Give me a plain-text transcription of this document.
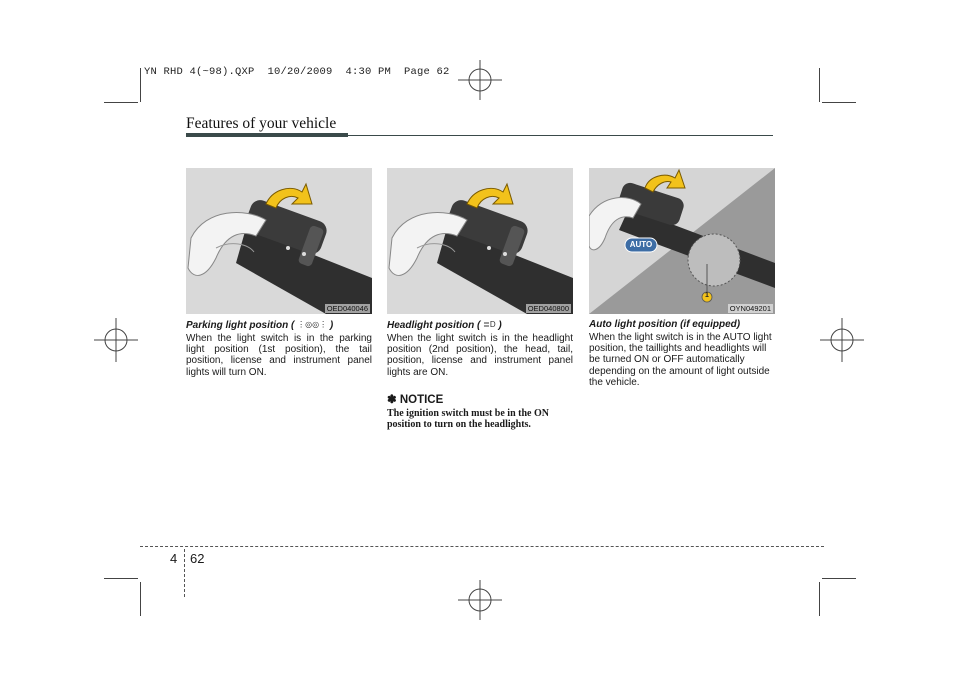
YN RHD 4(~98).QXP  10/20/2009  4:30 PM  Page 62
Features of your vehicle
OED040046	OED040800
AUTO
1
OYN049201

Parking light position ( ⋮◎◎⋮ )

When the light switch is in the parking light position (1st position), the tail position, license and instrument panel lights will turn ON.

Headlight position ( ≣D )

When the light switch is in the headlight position (2nd position), the head, tail, position, license and instrument panel lights are ON.

✽ NOTICE

The ignition switch must be in the ON position to turn on the headlights.

Auto light position (if equipped)

When the light switch is in the AUTO light position, the taillights and headlights will be turned ON or OFF automatically depending on the amount of light outside the vehicle.

4 62
